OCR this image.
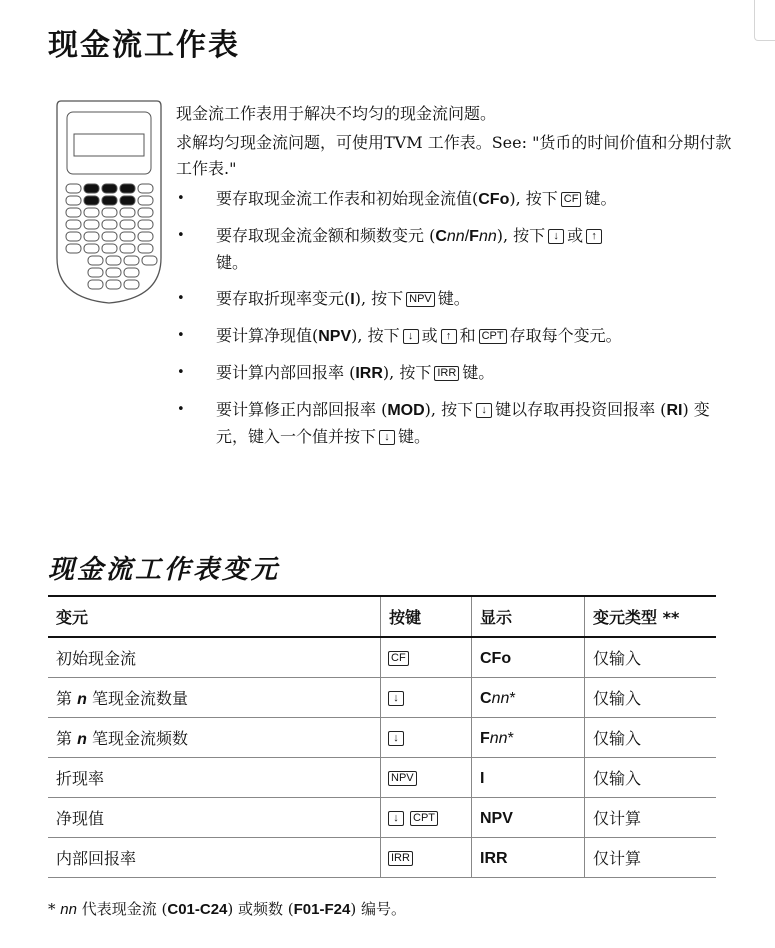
现金流工作表

现金流工作表用于解决不均匀的现金流问题。

求解均匀现金流问题，可使用TVM 工作表。See: "货币的时间价值和分期付款工作表."

• 要存取现金流工作表和初始现金流值(CFo), 按下 CF 键。
• 要存取现金流金额和频数变元 (Cnn/Fnn), 按下 ↓ 或 ↑
键。
• 要存取折现率变元(I), 按下 NPV 键。
• 要计算净现值(NPV), 按下 ↓ 或 ↑ 和 CPT 存取每个变元。
• 要计算内部回报率 (IRR), 按下 IRR 键。
• 要计算修正内部回报率 (MOD), 按下 ↓ 键以存取再投资回报率 (RI) 变元，键入一个值并按下 ↓ 键。
现金流工作表变元
变元	按键	显示	变元类型 **
初始现金流	CF	CFo	仅输入
第 n 笔现金流数量	↓	Cnn*	仅输入
第 n 笔现金流频数	↓	Fnn*	仅输入
折现率	NPV	I	仅输入
净现值	↓ CPT	NPV	仅计算
内部回报率	IRR	IRR	仅计算
* nn 代表现金流 (C01-C24) 或频数 (F01-F24) 编号。
